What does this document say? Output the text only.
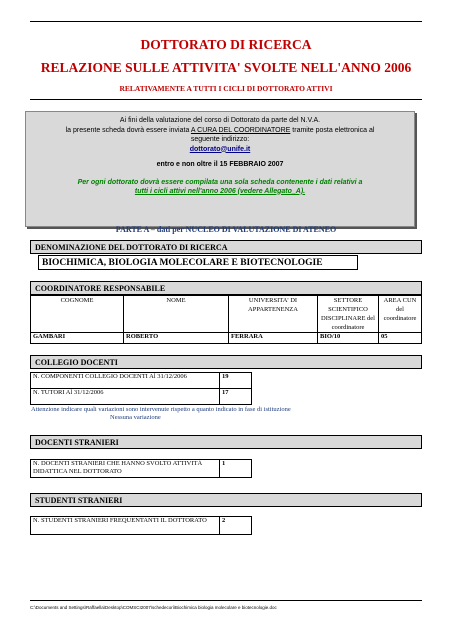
DOTTORATO DI RICERCA
RELAZIONE SULLE ATTIVITA' SVOLTE NELL'ANNO 2006
RELATIVAMENTE A TUTTI I CICLI DI DOTTORATO ATTIVI
Ai fini della valutazione del corso di Dottorato da parte del N.V.A.
la presente scheda dovrà essere inviata A CURA DEL COORDINATORE tramite posta elettronica al
seguente indirizzo:
dottorato@unife.it
entro e non oltre il 15 FEBBRAIO 2007
Per ogni dottorato dovrà essere compilata una sola scheda contenente i dati relativi a
tutti i cicli attivi nell'anno 2006 (vedere Allegato_A).
PARTE A – dati per NUCLEO DI VALUTAZIONE DI ATENEO
DENOMINAZIONE DEL DOTTORATO DI RICERCA
BIOCHIMICA, BIOLOGIA MOLECOLARE E BIOTECNOLOGIE
COORDINATORE RESPONSABILE
COGNOME	NOME	UNIVERSITA' DI APPARTENENZA	SETTORE SCIENTIFICO DISCIPLINARE del coordinatore	AREA CUN del coordinatore
GAMBARI	ROBERTO	FERRARA	BIO/10	05
COLLEGIO DOCENTI
N. COMPONENTI COLLEGIO DOCENTI Al 31/12/2006	19
N. TUTORI Al 31/12/2006	17
Attenzione indicare quali variazioni sono intervenute rispetto a quanto indicato in fase di istituzione
Nessuna variazione
DOCENTI STRANIERI
N. DOCENTI STRANIERI CHE HANNO SVOLTO ATTIVITÀ DIDATTICA NEL DOTTORATO	1
STUDENTI STRANIERI
N. STUDENTI STRANIERI FREQUENTANTI IL DOTTORATO	2
C:\Documents and Settings\Raffaella\Desktop\COMSCI2007\schedecori\Biochimica biologia molecolare e biotecnologie.doc
